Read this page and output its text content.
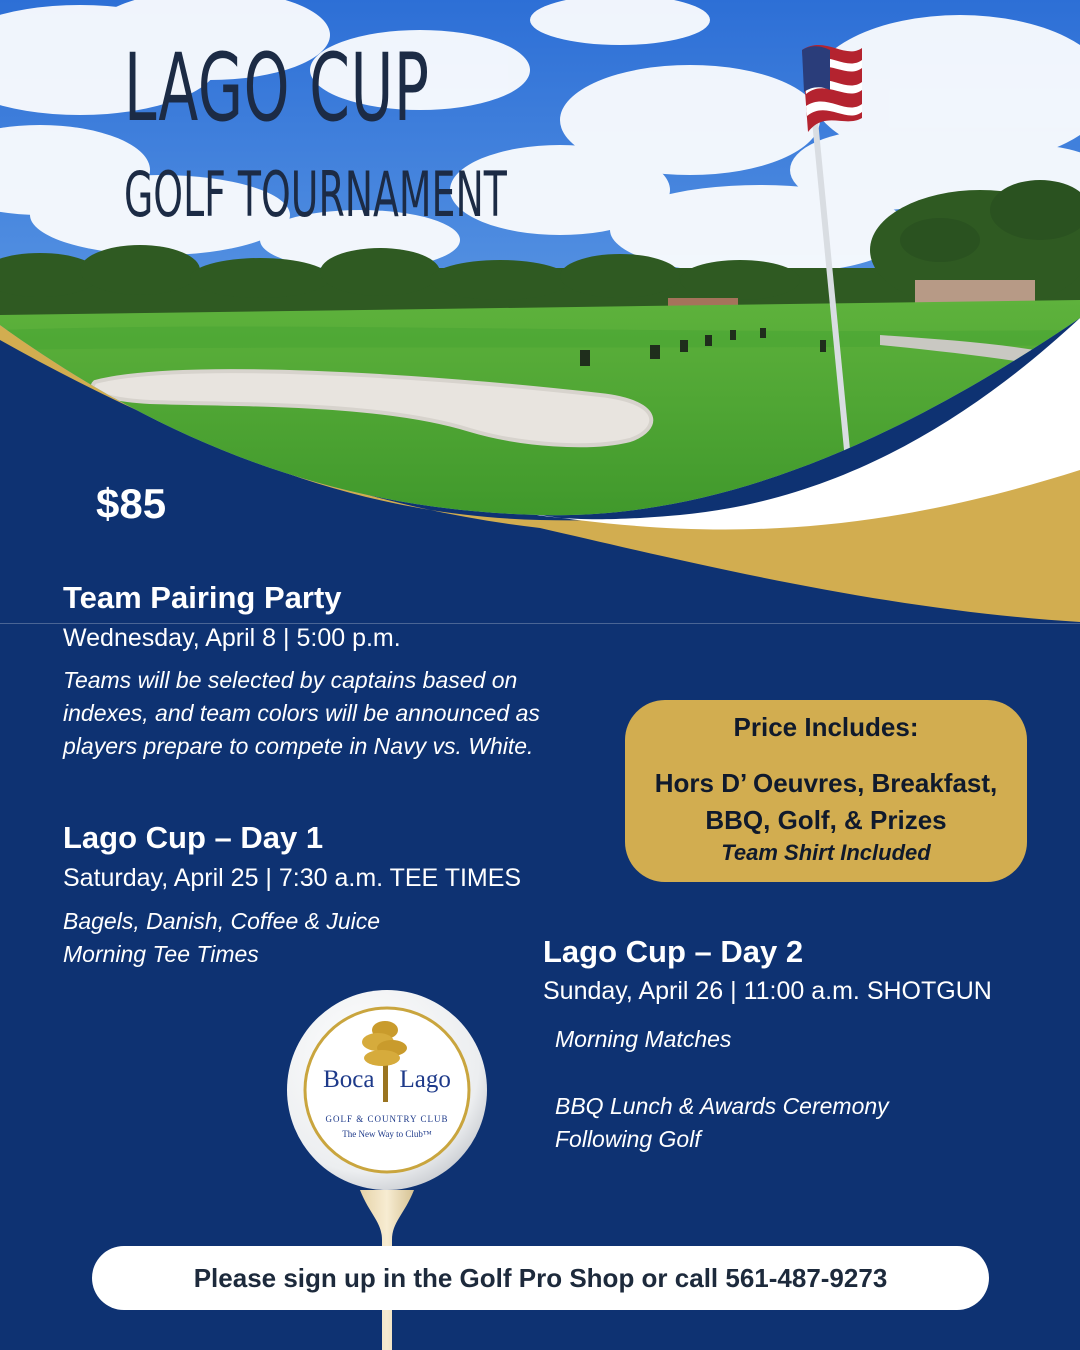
LAGO CUP
GOLF TOURNAMENT
$85
Team Pairing Party
Wednesday, April 8 | 5:00 p.m.
Teams will be selected by captains based on
indexes, and team colors will be announced as
players prepare to compete in Navy vs. White.
Price Includes:
Hors D’ Oeuvres, Breakfast,
BBQ, Golf, & Prizes
Team Shirt Included
Lago Cup – Day 1
Saturday, April 25 | 7:30 a.m. TEE TIMES
Bagels, Danish, Coffee & Juice
Morning Tee Times	Lago Cup – Day 2
Sunday, April 26 | 11:00 a.m. SHOTGUN
Morning Matches
BBQ Lunch & Awards Ceremony
Following Golf
Boca Lago
GOLF & COUNTRY CLUB
The New Way to Club™
Please sign up in the Golf Pro Shop or call 561-487-9273
